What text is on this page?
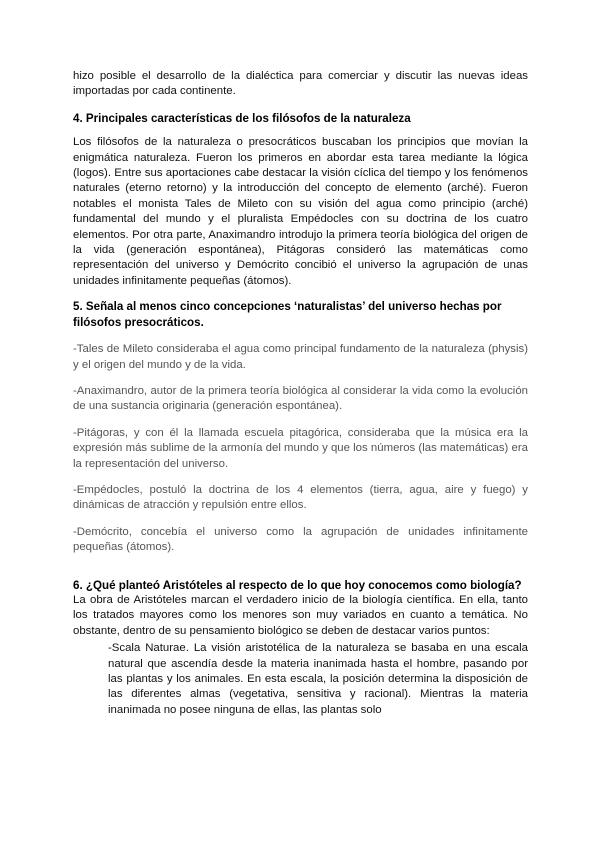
hizo posible el desarrollo de la dialéctica para comerciar y discutir las nuevas ideas importadas por cada continente.

4. Principales características de los filósofos de la naturaleza

Los filósofos de la naturaleza o presocráticos buscaban los principios que movían la enigmática naturaleza. Fueron los primeros en abordar esta tarea mediante la lógica (logos). Entre sus aportaciones cabe destacar la visión cíclica del tiempo y los fenómenos naturales (eterno retorno) y la introducción del concepto de elemento (arché). Fueron notables el monista Tales de Mileto con su visión del agua como principio (arché) fundamental del mundo y el pluralista Empédocles con su doctrina de los cuatro elementos. Por otra parte, Anaximandro introdujo la primera teoría biológica del origen de la vida (generación espontánea), Pitágoras consideró las matemáticas como representación del universo y Demócrito concibió el universo la agrupación de unas unidades infinitamente pequeñas (átomos).

5. Señala al menos cinco concepciones ‘naturalistas’ del universo hechas por filósofos presocráticos.

-Tales de Mileto consideraba el agua como principal fundamento de la naturaleza (physis) y el origen del mundo y de la vida.

-Anaximandro, autor de la primera teoría biológica al considerar la vida como la evolución de una sustancia originaria (generación espontánea).

-Pitágoras, y con él la llamada escuela pitagórica, consideraba que la música era la expresión más sublime de la armonía del mundo y que los números (las matemáticas) era la representación del universo.

-Empédocles, postuló la doctrina de los 4 elementos (tierra, agua, aire y fuego) y dinámicas de atracción y repulsión entre ellos.

-Demócrito, concebía el universo como la agrupación de unidades infinitamente pequeñas (átomos).

6. ¿Qué planteó Aristóteles al respecto de lo que hoy conocemos como biología?

La obra de Aristóteles marcan el verdadero inicio de la biología científica. En ella, tanto los tratados mayores como los menores son muy variados en cuanto a temática. No obstante, dentro de su pensamiento biológico se deben de destacar varios puntos:

-Scala Naturae. La visión aristotélica de la naturaleza se basaba en una escala natural que ascendía desde la materia inanimada hasta el hombre, pasando por las plantas y los animales. En esta escala, la posición determina la disposición de las diferentes almas (vegetativa, sensitiva y racional). Mientras la materia inanimada no posee ninguna de ellas, las plantas solo
